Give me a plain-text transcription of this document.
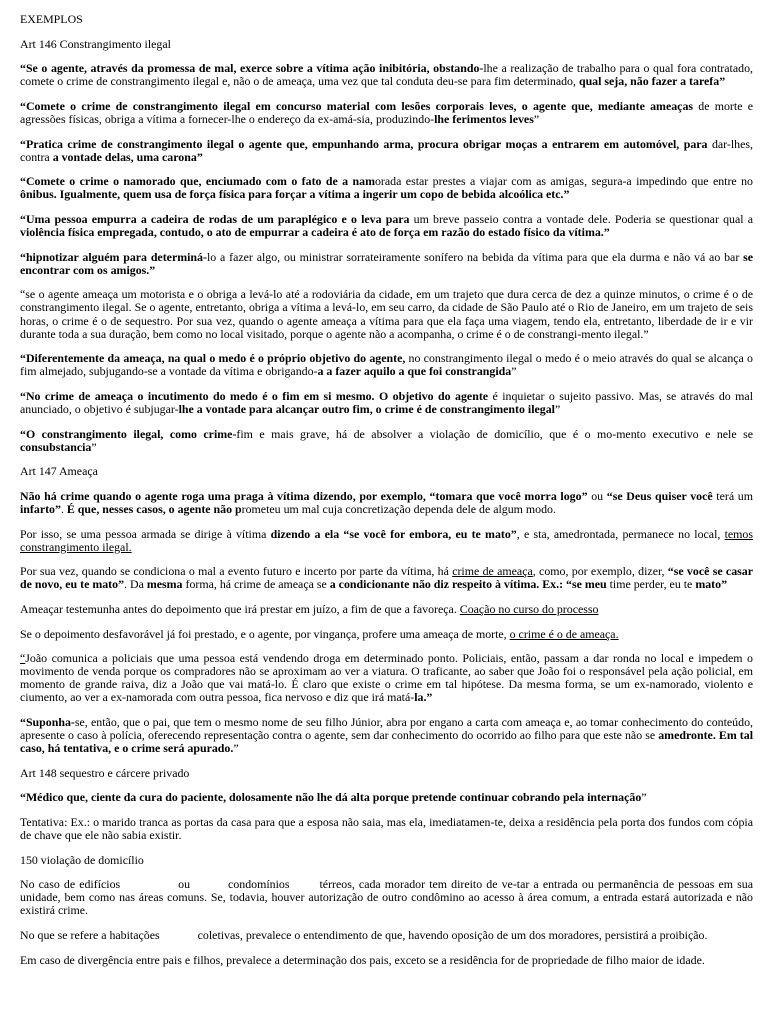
EXEMPLOS

Art 146 Constrangimento ilegal

“Se o agente, através da promessa de mal, exerce sobre a vítima ação inibitória, obstando-lhe a realização de trabalho para o qual fora contratado, comete o crime de constrangimento ilegal e, não o de ameaça, uma vez que tal conduta deu-se para fim determinado, qual seja, não fazer a tarefa”

“Comete o crime de constrangimento ilegal em concurso material com lesões corporais leves, o agente que, mediante ameaças de morte e agressões físicas, obriga a vítima a fornecer-lhe o endereço da ex-amá-sia, produzindo-lhe ferimentos leves”

“Pratica crime de constrangimento ilegal o agente que, empunhando arma, procura obrigar moças a entrarem em automóvel, para dar-lhes, contra a vontade delas, uma carona”

“Comete o crime o namorado que, enciumado com o fato de a namorada estar prestes a viajar com as amigas, segura-a impedindo que entre no ônibus. Igualmente, quem usa de força física para forçar a vítima a ingerir um copo de bebida alcoólica etc.”

“Uma pessoa empurra a cadeira de rodas de um paraplégico e o leva para um breve passeio contra a vontade dele. Poderia se questionar qual a violência física empregada, contudo, o ato de empurrar a cadeira é ato de força em razão do estado físico da vítima.”

“hipnotizar alguém para determiná-lo a fazer algo, ou ministrar sorrateiramente sonífero na bebida da vítima para que ela durma e não vá ao bar se encontrar com os amigos.”

“se o agente ameaça um motorista e o obriga a levá-lo até a rodoviária da cidade, em um trajeto que dura cerca de dez a quinze minutos, o crime é o de constrangimento ilegal. Se o agente, entretanto, obriga a vítima a levá-lo, em seu carro, da cidade de São Paulo até o Rio de Janeiro, em um trajeto de seis horas, o crime é o de sequestro. Por sua vez, quando o agente ameaça a vítima para que ela faça uma viagem, tendo ela, entretanto, liberdade de ir e vir durante toda a sua duração, bem como no local visitado, porque o agente não a acompanha, o crime é o de constrangi-mento ilegal.”

“Diferentemente da ameaça, na qual o medo é o próprio objetivo do agente, no constrangimento ilegal o medo é o meio através do qual se alcança o fim almejado, subjugando-se a vontade da vítima e obrigando-a a fazer aquilo a que foi constrangida”

“No crime de ameaça o incutimento do medo é o fim em si mesmo. O objetivo do agente é inquietar o sujeito passivo. Mas, se através do mal anunciado, o objetivo é subjugar-lhe a vontade para alcançar outro fim, o crime é de constrangimento ilegal”

“O constrangimento ilegal, como crime-fim e mais grave, há de absolver a violação de domicílio, que é o mo-mento executivo e nele se consubstancia”

Art 147 Ameaça

Não há crime quando o agente roga uma praga à vítima dizendo, por exemplo, “tomara que você morra logo” ou “se Deus quiser você terá um infarto”. É que, nesses casos, o agente não prometeu um mal cuja concretização dependa dele de algum modo.

Por isso, se uma pessoa armada se dirige à vítima dizendo a ela “se você for embora, eu te mato”, e sta, amedrontada, permanece no local, temos constrangimento ilegal.

Por sua vez, quando se condiciona o mal a evento futuro e incerto por parte da vítima, há crime de ameaça, como, por exemplo, dizer, “se você se casar de novo, eu te mato”. Da mesma forma, há crime de ameaça se a condicionante não diz respeito à vítima. Ex.: “se meu time perder, eu te mato”

Ameaçar testemunha antes do depoimento que irá prestar em juízo, a fim de que a favoreça. Coação no curso do processo

Se o depoimento desfavorável já foi prestado, e o agente, por vingança, profere uma ameaça de morte, o crime é o de ameaça.

“João comunica a policiais que uma pessoa está vendendo droga em determinado ponto. Policiais, então, passam a dar ronda no local e impedem o movimento de venda porque os compradores não se aproximam ao ver a viatura. O traficante, ao saber que João foi o responsável pela ação policial, em momento de grande raiva, diz a João que vai matá-lo. É claro que existe o crime em tal hipótese. Da mesma forma, se um ex-namorado, violento e ciumento, ao ver a ex-namorada com outra pessoa, fica nervoso e diz que irá matá-la.”

“Suponha-se, então, que o pai, que tem o mesmo nome de seu filho Júnior, abra por engano a carta com ameaça e, ao tomar conhecimento do conteúdo, apresente o caso à polícia, oferecendo representação contra o agente, sem dar conhecimento do ocorrido ao filho para que este não se amedronte. Em tal caso, há tentativa, e o crime será apurado.”

Art 148 sequestro e cárcere privado

“Médico que, ciente da cura do paciente, dolosamente não lhe dá alta porque pretende continuar cobrando pela internação”

Tentativa: Ex.: o marido tranca as portas da casa para que a esposa não saia, mas ela, imediatamen-te, deixa a residência pela porta dos fundos com cópia de chave que ele não sabia existir.

150 violação de domicílio

No caso de edifícios	ou	condomínios	térreos, cada morador tem direito de ve-tar a entrada ou permanência de pessoas em sua unidade, bem como nas áreas comuns. Se, todavia, houver autorização de outro condômino ao acesso à área comum, a entrada estará autorizada e não existirá crime.

No que se refere a habitações	coletivas, prevalece o entendimento de que, havendo oposição de um dos moradores, persistirá a proibição.

Em caso de divergência entre pais e filhos, prevalece a determinação dos pais, exceto se a residência for de propriedade de filho maior de idade.
